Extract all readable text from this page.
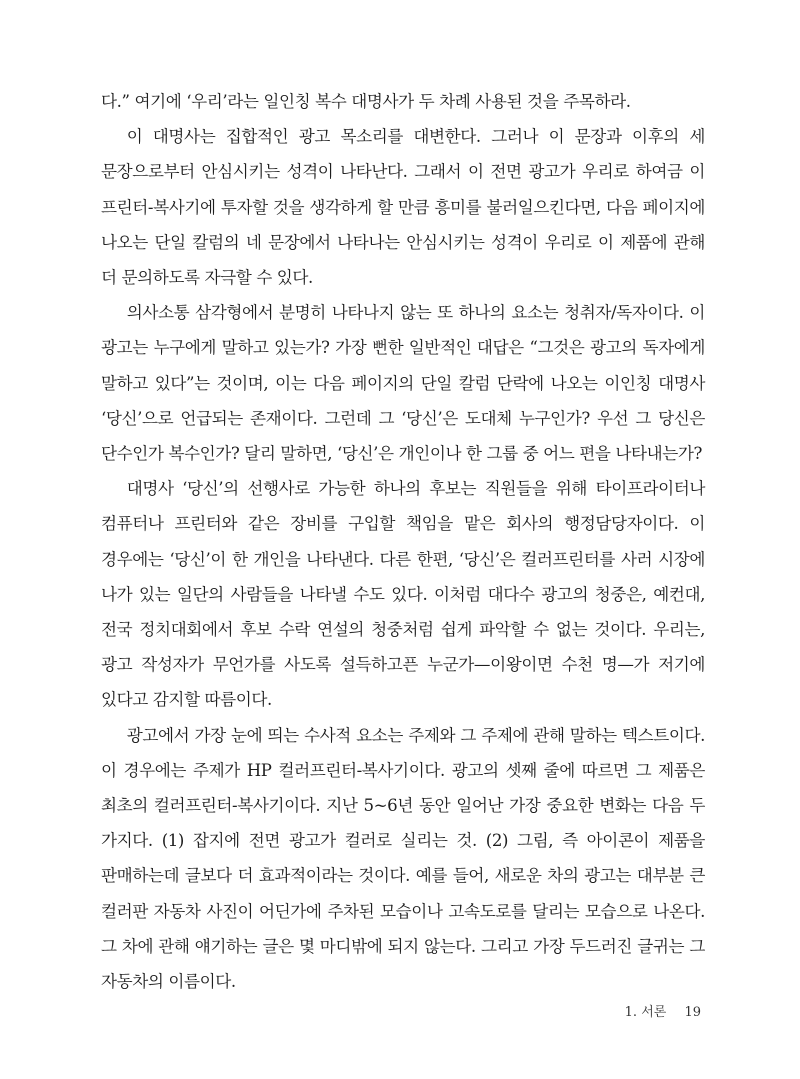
다.” 여기에 ‘우리’라는 일인칭 복수 대명사가 두 차례 사용된 것을 주목하라.

이 대명사는 집합적인 광고 목소리를 대변한다. 그러나 이 문장과 이후의 세 문장으로부터 안심시키는 성격이 나타난다. 그래서 이 전면 광고가 우리로 하여금 이 프린터-복사기에 투자할 것을 생각하게 할 만큼 흥미를 불러일으킨다면, 다음 페이지에 나오는 단일 칼럼의 네 문장에서 나타나는 안심시키는 성격이 우리로 이 제품에 관해 더 문의하도록 자극할 수 있다.

의사소통 삼각형에서 분명히 나타나지 않는 또 하나의 요소는 청취자/독자이다. 이 광고는 누구에게 말하고 있는가? 가장 뻔한 일반적인 대답은 “그것은 광고의 독자에게 말하고 있다”는 것이며, 이는 다음 페이지의 단일 칼럼 단락에 나오는 이인칭 대명사 ‘당신’으로 언급되는 존재이다. 그런데 그 ‘당신’은 도대체 누구인가? 우선 그 당신은 단수인가 복수인가? 달리 말하면, ‘당신’은 개인이나 한 그룹 중 어느 편을 나타내는가?

대명사 ‘당신’의 선행사로 가능한 하나의 후보는 직원들을 위해 타이프라이터나 컴퓨터나 프린터와 같은 장비를 구입할 책임을 맡은 회사의 행정담당자이다. 이 경우에는 ‘당신’이 한 개인을 나타낸다. 다른 한편, ‘당신’은 컬러프린터를 사러 시장에 나가 있는 일단의 사람들을 나타낼 수도 있다. 이처럼 대다수 광고의 청중은, 예컨대, 전국 정치대회에서 후보 수락 연설의 청중처럼 쉽게 파악할 수 없는 것이다. 우리는, 광고 작성자가 무언가를 사도록 설득하고픈 누군가—이왕이면 수천 명—가 저기에 있다고 감지할 따름이다.

광고에서 가장 눈에 띄는 수사적 요소는 주제와 그 주제에 관해 말하는 텍스트이다. 이 경우에는 주제가 HP 컬러프린터-복사기이다. 광고의 셋째 줄에 따르면 그 제품은 최초의 컬러프린터-복사기이다. 지난 5~6년 동안 일어난 가장 중요한 변화는 다음 두 가지다. (1) 잡지에 전면 광고가 컬러로 실리는 것. (2) 그림, 즉 아이콘이 제품을 판매하는데 글보다 더 효과적이라는 것이다. 예를 들어, 새로운 차의 광고는 대부분 큰 컬러판 자동차 사진이 어딘가에 주차된 모습이나 고속도로를 달리는 모습으로 나온다. 그 차에 관해 얘기하는 글은 몇 마디밖에 되지 않는다. 그리고 가장 두드러진 글귀는 그 자동차의 이름이다.

1. 서론 19
